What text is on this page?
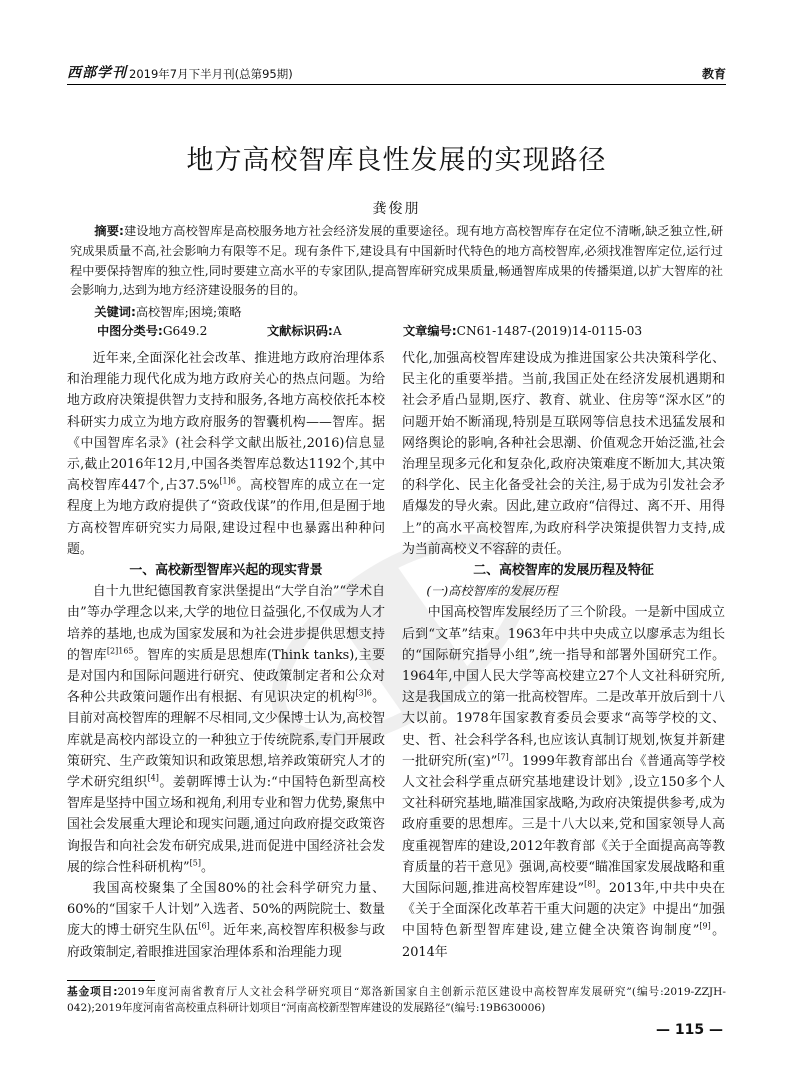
西部学刊 2019年7月下半月刊(总第95期)	教育
地方高校智库良性发展的实现路径
龚俊朋

摘要:建设地方高校智库是高校服务地方社会经济发展的重要途径。现有地方高校智库存在定位不清晰,缺乏独立性,研究成果质量不高,社会影响力有限等不足。现有条件下,建设具有中国新时代特色的地方高校智库,必须找准智库定位,运行过程中要保持智库的独立性,同时要建立高水平的专家团队,提高智库研究成果质量,畅通智库成果的传播渠道,以扩大智库的社会影响力,达到为地方经济建设服务的目的。

关键词:高校智库;困境;策略

中图分类号:G649.2	文献标识码:A	文章编号:CN61-1487-(2019)14-0115-03

近年来,全面深化社会改革、推进地方政府治理体系和治理能力现代化成为地方政府关心的热点问题。为给地方政府决策提供智力支持和服务,各地方高校依托本校科研实力成立为地方政府服务的智囊机构——智库。据《中国智库名录》(社会科学文献出版社,2016)信息显示,截止2016年12月,中国各类智库总数达1192个,其中高校智库447个,占37.5%$^{[1]6}$。高校智库的成立在一定程度上为地方政府提供了“资政伐谋”的作用,但是囿于地方高校智库研究实力局限,建设过程中也暴露出种种问题。

一、高校新型智库兴起的现实背景

自十九世纪德国教育家洪堡提出“大学自治”“学术自由”等办学理念以来,大学的地位日益强化,不仅成为人才培养的基地,也成为国家发展和为社会进步提供思想支持的智库$^{[2]165}$。智库的实质是思想库(Think tanks),主要是对国内和国际问题进行研究、使政策制定者和公众对各种公共政策问题作出有根据、有见识决定的机构$^{[3]6}$。目前对高校智库的理解不尽相同,文少保博士认为,高校智库就是高校内部设立的一种独立于传统院系,专门开展政策研究、生产政策知识和政策思想,培养政策研究人才的学术研究组织[4]。姜朝晖博士认为:“中国特色新型高校智库是坚持中国立场和视角,利用专业和智力优势,聚焦中国社会发展重大理论和现实问题,通过向政府提交政策咨询报告和向社会发布研究成果,进而促进中国经济社会发展的综合性科研机构”[5]。

我国高校聚集了全国80%的社会科学研究力量、60%的“国家千人计划”入选者、50%的两院院士、数量庞大的博士研究生队伍[6]。近年来,高校智库积极参与政府政策制定,着眼推进国家治理体系和治理能力现

代化,加强高校智库建设成为推进国家公共决策科学化、民主化的重要举措。当前,我国正处在经济发展机遇期和社会矛盾凸显期,医疗、教育、就业、住房等“深水区”的问题开始不断涌现,特别是互联网等信息技术迅猛发展和网络舆论的影响,各种社会思潮、价值观念开始泛滥,社会治理呈现多元化和复杂化,政府决策难度不断加大,其决策的科学化、民主化备受社会的关注,易于成为引发社会矛盾爆发的导火索。因此,建立政府“信得过、离不开、用得上”的高水平高校智库,为政府科学决策提供智力支持,成为当前高校义不容辞的责任。

二、高校智库的发展历程及特征
(一)高校智库的发展历程

中国高校智库发展经历了三个阶段。一是新中国成立后到“文革”结束。1963年中共中央成立以廖承志为组长的“国际研究指导小组”,统一指导和部署外国研究工作。1964年,中国人民大学等高校建立27个人文社科研究所,这是我国成立的第一批高校智库。二是改革开放后到十八大以前。1978年国家教育委员会要求“高等学校的文、史、哲、社会科学各科,也应该认真制订规划,恢复并新建一批研究所(室)”[7]。1999年教育部出台《普通高等学校人文社会科学重点研究基地建设计划》,设立150多个人文社科研究基地,瞄准国家战略,为政府决策提供参考,成为政府重要的思想库。三是十八大以来,党和国家领导人高度重视智库的建设,2012年教育部《关于全面提高高等教育质量的若干意见》强调,高校要“瞄准国家发展战略和重大国际问题,推进高校智库建设”[8]。2013年,中共中央在《关于全面深化改革若干重大问题的决定》中提出“加强中国特色新型智库建设,建立健全决策咨询制度”[9]。2014年

基金项目:2019年度河南省教育厅人文社会科学研究项目“郑洛新国家自主创新示范区建设中高校智库发展研究”(编号:2019-ZZJH-042);2019年度河南省高校重点科研计划项目“河南高校新型智库建设的发展路径”(编号:19B630006)

— 115 —
